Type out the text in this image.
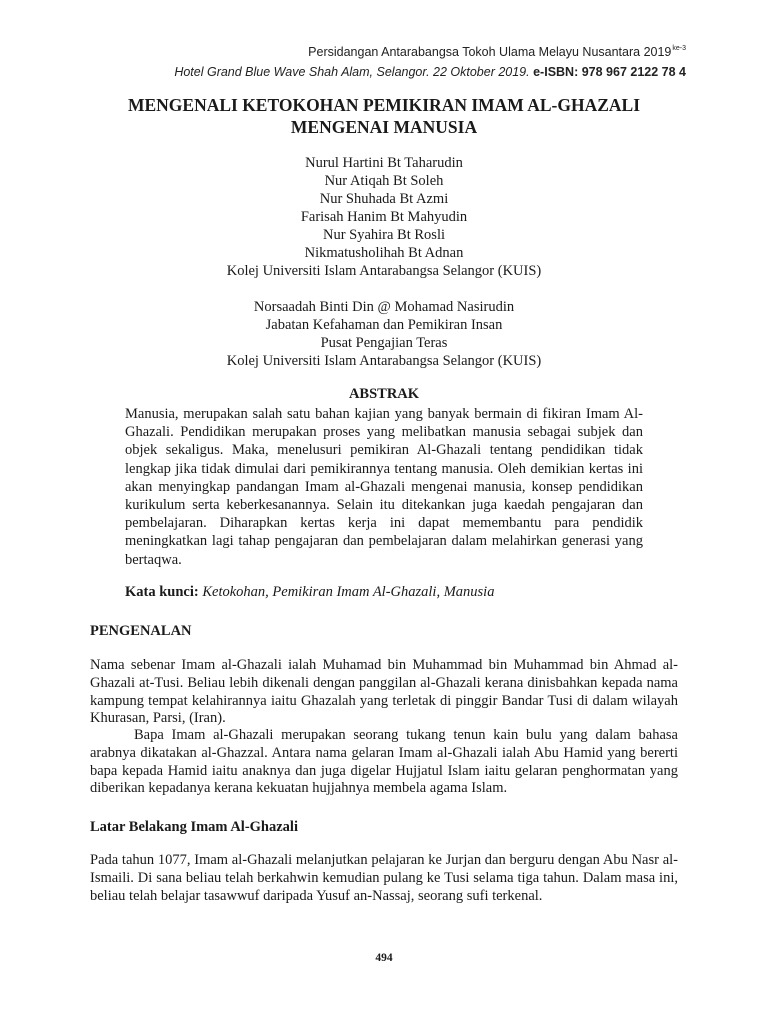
Persidangan Antarabangsa Tokoh Ulama Melayu Nusantara $2019^{ke-3}$
Hotel Grand Blue Wave Shah Alam, Selangor. 22 Oktober 2019. e-ISBN: 978 967 2122 78 4
MENGENALI KETOKOHAN PEMIKIRAN IMAM AL-GHAZALI
MENGENAI MANUSIA
Nurul Hartini Bt Taharudin
Nur Atiqah Bt Soleh
Nur Shuhada Bt Azmi
Farisah Hanim Bt Mahyudin
Nur Syahira Bt Rosli
Nikmatusholihah Bt Adnan
Kolej Universiti Islam Antarabangsa Selangor (KUIS)
Norsaadah Binti Din @ Mohamad Nasirudin
Jabatan Kefahaman dan Pemikiran Insan
Pusat Pengajian Teras
Kolej Universiti Islam Antarabangsa Selangor (KUIS)
ABSTRAK

Manusia, merupakan salah satu bahan kajian yang banyak bermain di fikiran Imam Al-Ghazali. Pendidikan merupakan proses yang melibatkan manusia sebagai subjek dan objek sekaligus. Maka, menelusuri pemikiran Al-Ghazali tentang pendidikan tidak lengkap jika tidak dimulai dari pemikirannya tentang manusia. Oleh demikian kertas ini akan menyingkap pandangan Imam al-Ghazali mengenai manusia, konsep pendidikan kurikulum serta keberkesanannya. Selain itu ditekankan juga kaedah pengajaran dan pembelajaran. Diharapkan kertas kerja ini dapat memembantu para pendidik meningkatkan lagi tahap pengajaran dan pembelajaran dalam melahirkan generasi yang bertaqwa.

Kata kunci: Ketokohan, Pemikiran Imam Al-Ghazali, Manusia

PENGENALAN

Nama sebenar Imam al-Ghazali ialah Muhamad bin Muhammad bin Muhammad bin Ahmad al-Ghazali at-Tusi. Beliau lebih dikenali dengan panggilan al-Ghazali kerana dinisbahkan kepada nama kampung tempat kelahirannya iaitu Ghazalah yang terletak di pinggir Bandar Tusi di dalam wilayah Khurasan, Parsi, (Iran).

Bapa Imam al-Ghazali merupakan seorang tukang tenun kain bulu yang dalam bahasa arabnya dikatakan al-Ghazzal. Antara nama gelaran Imam al-Ghazali ialah Abu Hamid yang bererti bapa kepada Hamid iaitu anaknya dan juga digelar Hujjatul Islam iaitu gelaran penghormatan yang diberikan kepadanya kerana kekuatan hujjahnya membela agama Islam.

Latar Belakang Imam Al-Ghazali

Pada tahun 1077, Imam al-Ghazali melanjutkan pelajaran ke Jurjan dan berguru dengan Abu Nasr al-Ismaili. Di sana beliau telah berkahwin kemudian pulang ke Tusi selama tiga tahun. Dalam masa ini, beliau telah belajar tasawwuf daripada Yusuf an-Nassaj, seorang sufi terkenal.

494
